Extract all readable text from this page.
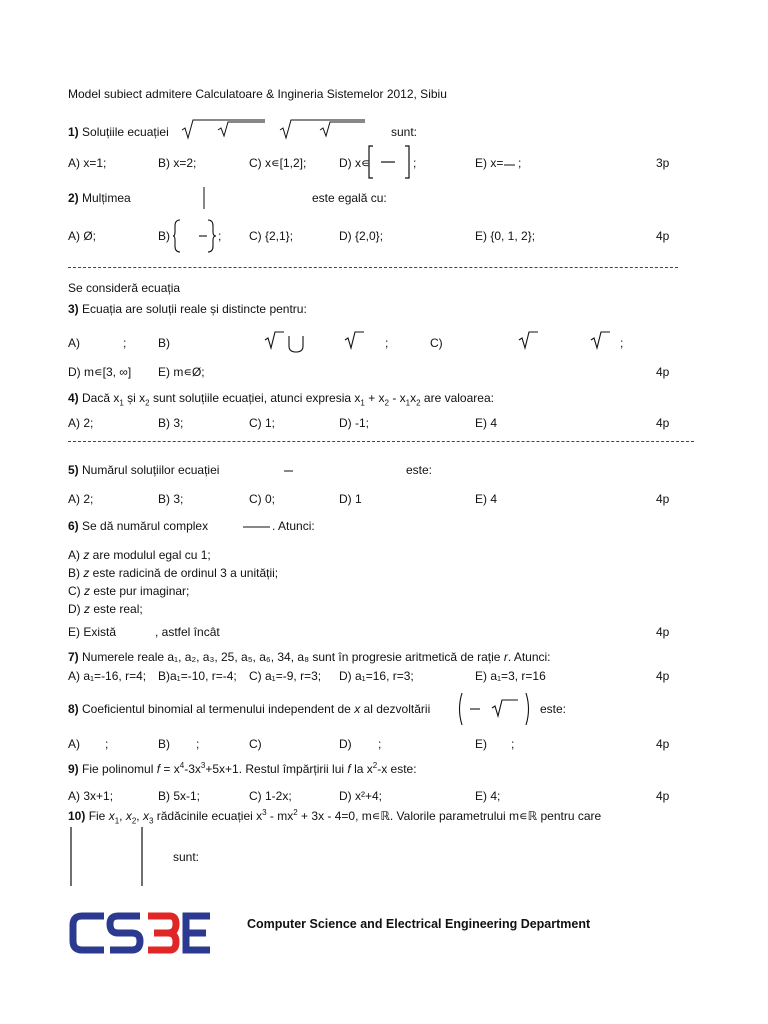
Model subiect admitere Calculatoare & Ingineria Sistemelor 2012, Sibiu
1) Soluțiile ecuației	sunt:
A) x=1;	B) x=2;	C) x∊[1,2];	D) x∊	;	E) x= ;	3p
2) Mulțimea	este egală cu:
A) Ø;	B)	; C) {2,1};	D) {2,0};	E) {0, 1, 2};	4p
Se consideră ecuația
3) Ecuația are soluții reale și distincte pentru:
A)	;	B)	;	C)	;
D) m∊[3, ∞] E) m∊Ø;	4p
4) Dacă $x_1$ și $x_2$ sunt soluțiile ecuației, atunci expresia $x_1 + x_2 - x_1x_2$ are valoarea:
A) 2;	B) 3;	C) 1;	D) -1;	E) 4	4p
5) Numărul soluțiilor ecuației	este:
A) 2;	B) 3;	C) 0;	D) 1	E) 4	4p
6) Se dă numărul complex	. Atunci:
A) z are modulul egal cu 1;
B) z este radicină de ordinul 3 a unității;
C) z este pur imaginar;
D) z este real;
E) Există	, astfel încât	4p
7) Numerele reale a₁, a₂, a₃, 25, a₅, a₆, 34, a₈ sunt în progresie aritmetică de rație r. Atunci:
A) a₁=-16, r=4; B)a₁=-10, r=-4; C) a₁=-9, r=3; D) a₁=16, r=3;	E) a₁=3, r=16	4p
8) Coeficientul binomial al termenului independent de x al dezvoltării	este:
A) ;	B) ;	C)	D) ;	E) ;	4p
9) Fie polinomul $f = x^4-3x^3+5x+1$. Restul împărțirii lui f la $x^2-x$ este:
A) 3x+1;	B) 5x-1;	C) 1-2x;	D) x²+4;	E) 4;	4p
10) Fie $x_1$, $x_2$, $x_3$ rădăcinile ecuației $x^3 - mx^2 + 3x - 4=0$, m∊ℝ. Valorile parametrului m∊ℝ pentru care
sunt:
Computer Science and Electrical Engineering Department
